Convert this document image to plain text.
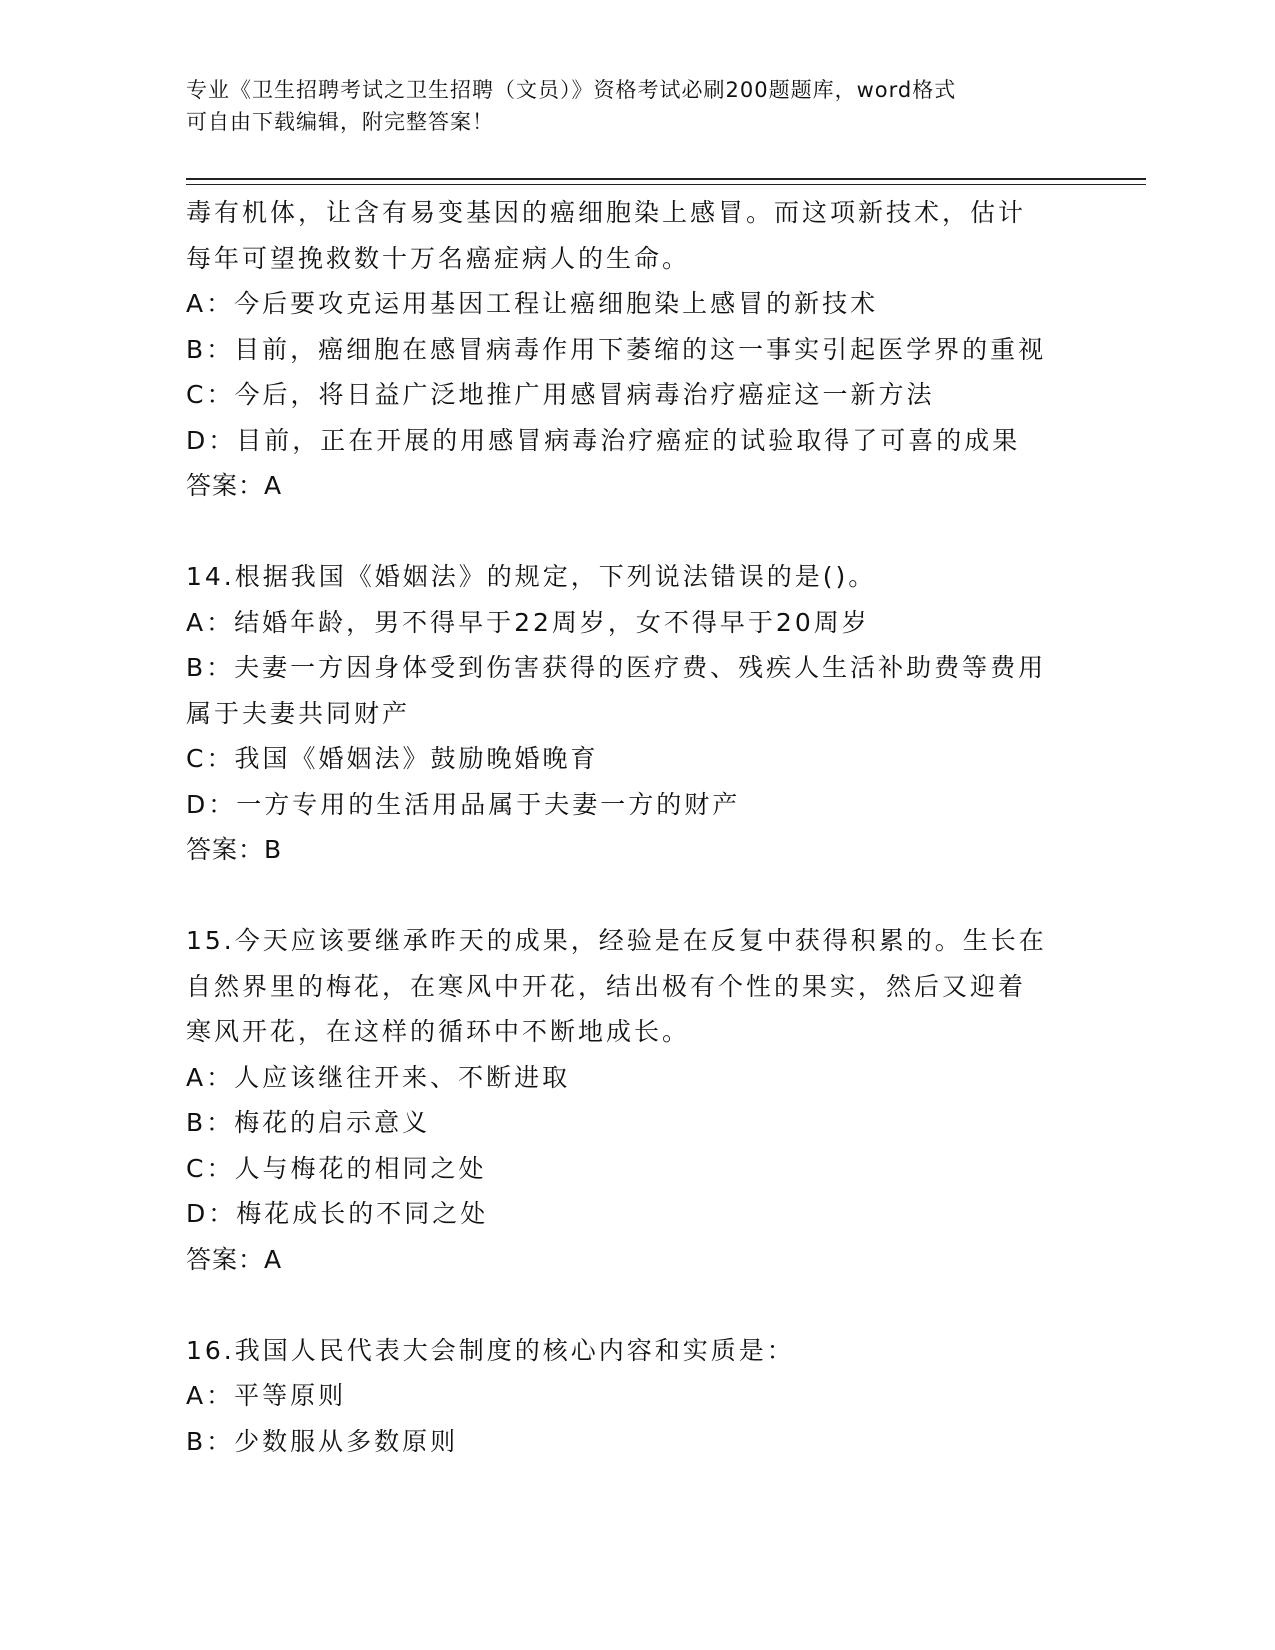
专业《卫生招聘考试之卫生招聘（文员）》资格考试必刷200题题库，word格式
可自由下载编辑，附完整答案！
毒有机体，让含有易变基因的癌细胞染上感冒。而这项新技术，估计
每年可望挽救数十万名癌症病人的生命。
A：今后要攻克运用基因工程让癌细胞染上感冒的新技术
B：目前，癌细胞在感冒病毒作用下萎缩的这一事实引起医学界的重视
C：今后，将日益广泛地推广用感冒病毒治疗癌症这一新方法
D：目前，正在开展的用感冒病毒治疗癌症的试验取得了可喜的成果
答案：A
14.根据我国《婚姻法》的规定，下列说法错误的是()。
A：结婚年龄，男不得早于22周岁，女不得早于20周岁
B：夫妻一方因身体受到伤害获得的医疗费、残疾人生活补助费等费用
属于夫妻共同财产
C：我国《婚姻法》鼓励晚婚晚育
D：一方专用的生活用品属于夫妻一方的财产
答案：B
15.今天应该要继承昨天的成果，经验是在反复中获得积累的。生长在
自然界里的梅花，在寒风中开花，结出极有个性的果实，然后又迎着
寒风开花，在这样的循环中不断地成长。
A：人应该继往开来、不断进取
B：梅花的启示意义
C：人与梅花的相同之处
D：梅花成长的不同之处
答案：A
16.我国人民代表大会制度的核心内容和实质是：
A：平等原则
B：少数服从多数原则
